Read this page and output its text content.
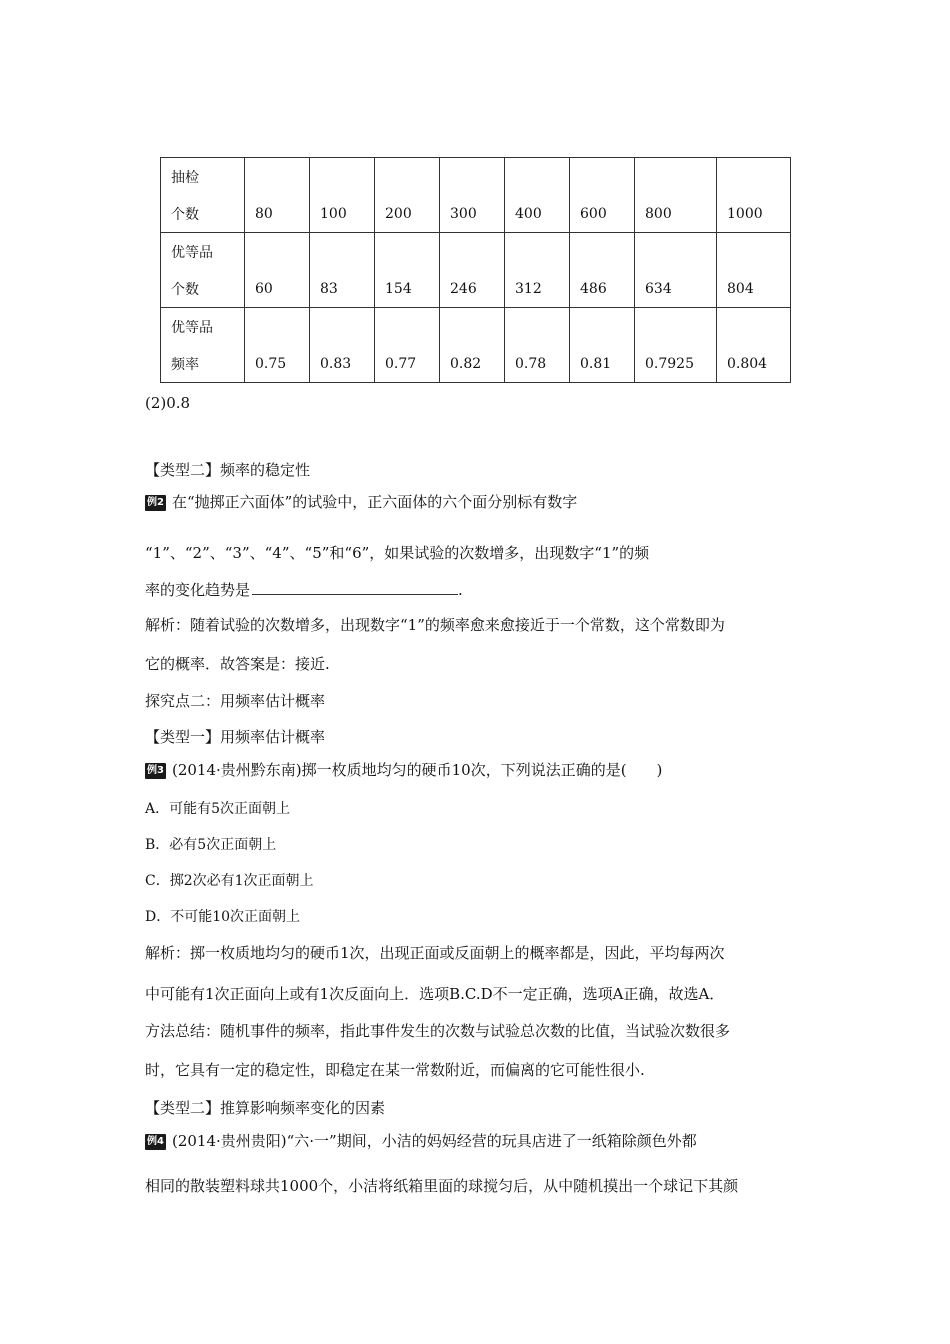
抽检								
个数	80	100	200	300	400	600	800	1000
优等品								
个数	60	83	154	246	312	486	634	804
优等品								
频率	0.75	0.83	0.77	0.82	0.78	0.81	0.7925	0.804
(2)0.8
【类型二】频率的稳定性
例2 在“抛掷正六面体”的试验中，正六面体的六个面分别标有数字
“1”、“2”、“3”、“4”、“5”和“6”，如果试验的次数增多，出现数字“1”的频
率的变化趋势是	.
解析：随着试验的次数增多，出现数字“1”的频率愈来愈接近于一个常数，这个常数即为
它的概率．故答案是：接近.
探究点二：用频率估计概率
【类型一】用频率估计概率
例3 (2014·贵州黔东南)掷一枚质地均匀的硬币10次，下列说法正确的是(　　)
A．可能有5次正面朝上
B．必有5次正面朝上
C．掷2次必有1次正面朝上
D．不可能10次正面朝上
解析：掷一枚质地均匀的硬币1次，出现正面或反面朝上的概率都是，因此，平均每两次
中可能有1次正面向上或有1次反面向上．选项B.C.D不一定正确，选项A正确，故选A．
方法总结：随机事件的频率，指此事件发生的次数与试验总次数的比值，当试验次数很多
时，它具有一定的稳定性，即稳定在某一常数附近，而偏离的它可能性很小.
【类型二】推算影响频率变化的因素
例4 (2014·贵州贵阳)“六·一”期间，小洁的妈妈经营的玩具店进了一纸箱除颜色外都
相同的散装塑料球共1000个，小洁将纸箱里面的球搅匀后，从中随机摸出一个球记下其颜
